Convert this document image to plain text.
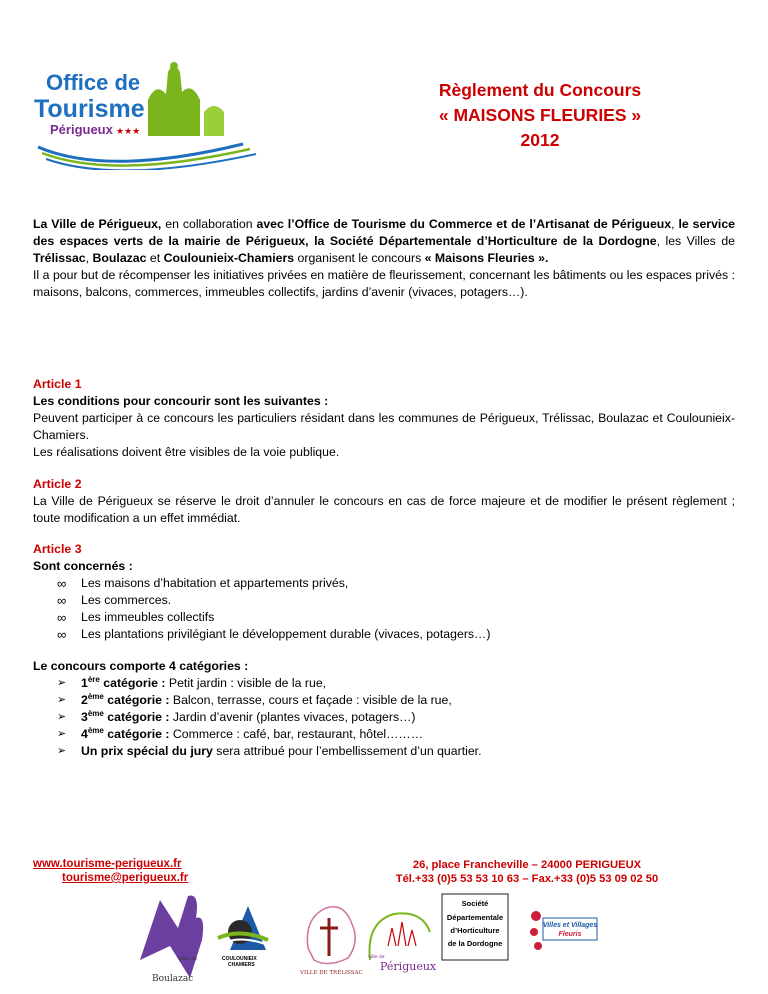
Office de
Tourisme
Périgueux ★★★
Règlement du Concours
« MAISONS FLEURIES »
2012
La Ville de Périgueux, en collaboration avec l’Office de Tourisme du Commerce et de l’Artisanat de Périgueux, le service des espaces verts de la mairie de Périgueux, la Société Départementale d’Horticulture de la Dordogne, les Villes de Trélissac, Boulazac et Coulounieix-Chamiers organisent le concours « Maisons Fleuries ».
Il a pour but de récompenser les initiatives privées en matière de fleurissement, concernant les bâtiments ou les espaces privés : maisons, balcons, commerces, immeubles collectifs, jardins d’avenir (vivaces, potagers…).
Article 1
Les conditions pour concourir sont les suivantes :
Peuvent participer à ce concours les particuliers résidant dans les communes de Périgueux, Trélissac, Boulazac et Coulounieix-Chamiers.
Les réalisations doivent être visibles de la voie publique.
Article 2
La Ville de Périgueux se réserve le droit d’annuler le concours en cas de force majeure et de modifier le présent règlement ; toute modification a un effet immédiat.
Article 3
Sont concernés :
∞ Les maisons d’habitation et appartements privés,
∞ Les commerces.
∞ Les immeubles collectifs
∞ Les plantations privilégiant le développement durable (vivaces, potagers…)
Le concours comporte 4 catégories :
➢ 1ère catégorie : Petit jardin : visible de la rue,
➢ 2ème catégorie : Balcon, terrasse, cours et façade : visible de la rue,
➢ 3ème catégorie : Jardin d’avenir (plantes vivaces, potagers…)
➢ 4ème catégorie : Commerce : café, bar, restaurant, hôtel………
➢ Un prix spécial du jury sera attribué pour l’embellissement d’un quartier.
www.tourisme-perigueux.fr
tourisme@perigueux.fr
26, place Francheville – 24000 PERIGUEUX
Tél.+33 (0)5 53 53 10 63 – Fax.+33 (0)5 53 09 02 50
Ville de
Boulazac
COULOUNIEIX
CHAMIERS
VILLE DE TRÉLISSAC
ville de
Périgueux
Société
Départementale
d’Horticulture
de la Dordogne
Villes et Villages
Fleuris
